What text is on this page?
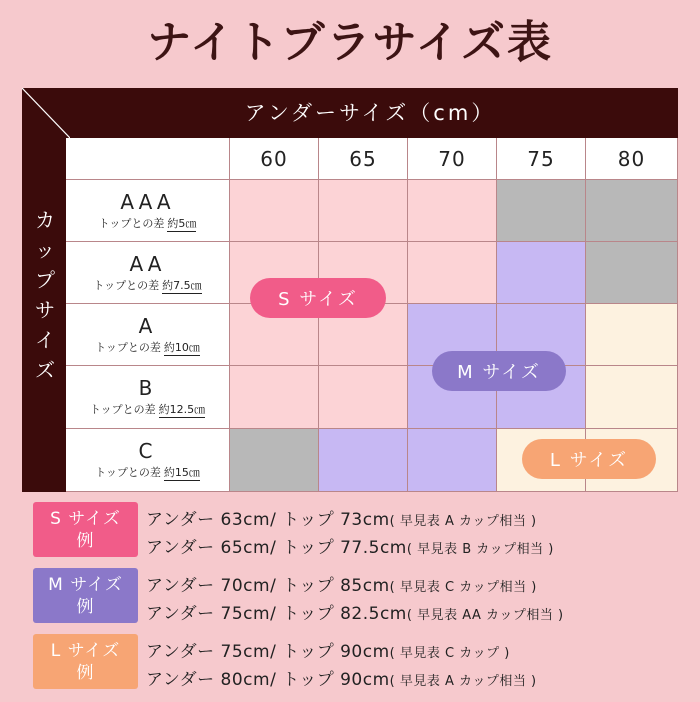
ナイトブラサイズ表
アンダーサイズ（cm）
カ
ッ
プ
サ
イ
ズ
60	65	70	75	80
AAA
トップとの差 約5㎝
AA
トップとの差 約7.5㎝
A
トップとの差 約10㎝
B
トップとの差 約12.5㎝
C
トップとの差 約15㎝
S サイズ
M サイズ
L サイズ
S サイズ
例
アンダー 63cm/ トップ 73cm( 早見表 A カップ相当 )
アンダー 65cm/ トップ 77.5cm( 早見表 B カップ相当 )
M サイズ
例
アンダー 70cm/ トップ 85cm( 早見表 C カップ相当 )
アンダー 75cm/ トップ 82.5cm( 早見表 AA カップ相当 )
L サイズ
例
アンダー 75cm/ トップ 90cm( 早見表 C カップ )
アンダー 80cm/ トップ 90cm( 早見表 A カップ相当 )
